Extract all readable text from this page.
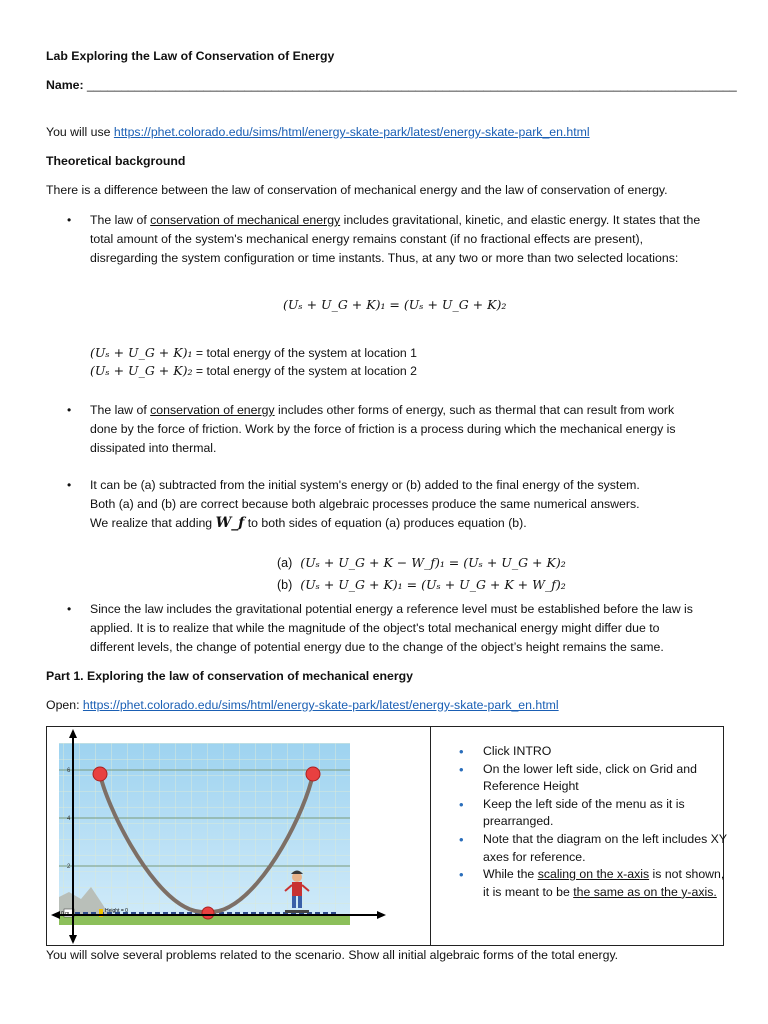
Lab Exploring the Law of Conservation of Energy
Name: _______________________________________________________________________________________________
You will use https://phet.colorado.edu/sims/html/energy-skate-park/latest/energy-skate-park_en.html
Theoretical background
There is a difference between the law of conservation of mechanical energy and the law of conservation of energy.
• The law of conservation of mechanical energy includes gravitational, kinetic, and elastic energy. It states that the
total amount of the system's mechanical energy remains constant (if no fractional effects are present),
disregarding the system configuration or time instants. Thus, at any two or more than two selected locations:
(Uₛ + U_G + K)₁ = (Uₛ + U_G + K)₂
(Uₛ + U_G + K)₁ = total energy of the system at location 1
(Uₛ + U_G + K)₂ = total energy of the system at location 2
• The law of conservation of energy includes other forms of energy, such as thermal that can result from work
done by the force of friction. Work by the force of friction is a process during which the mechanical energy is
dissipated into thermal.
• It can be (a) subtracted from the initial system's energy or (b) added to the final energy of the system.
Both (a) and (b) are correct because both algebraic processes produce the same numerical answers.
We realize that adding W_f to both sides of equation (a) produces equation (b).
(a) (Uₛ + U_G + K − W_f)₁ = (Uₛ + U_G + K)₂
(b) (Uₛ + U_G + K)₁ = (Uₛ + U_G + K + W_f)₂
• Since the law includes the gravitational potential energy a reference level must be established before the law is
applied. It is to realize that while the magnitude of the object's total mechanical energy might differ due to
different levels, the change of potential energy due to the change of the object’s height remains the same.
Part 1. Exploring the law of conservation of mechanical energy
Open: https://phet.colorado.edu/sims/html/energy-skate-park/latest/energy-skate-park_en.html
6
4
2
0 m	Height = 0
• Click INTRO
• On the lower left side, click on Grid and Reference Height
• Keep the left side of the menu as it is prearranged.
• Note that the diagram on the left includes XY axes for reference.
• While the scaling on the x-axis is not shown, it is meant to be the same as on the y-axis.
You will solve several problems related to the scenario. Show all initial algebraic forms of the total energy.
